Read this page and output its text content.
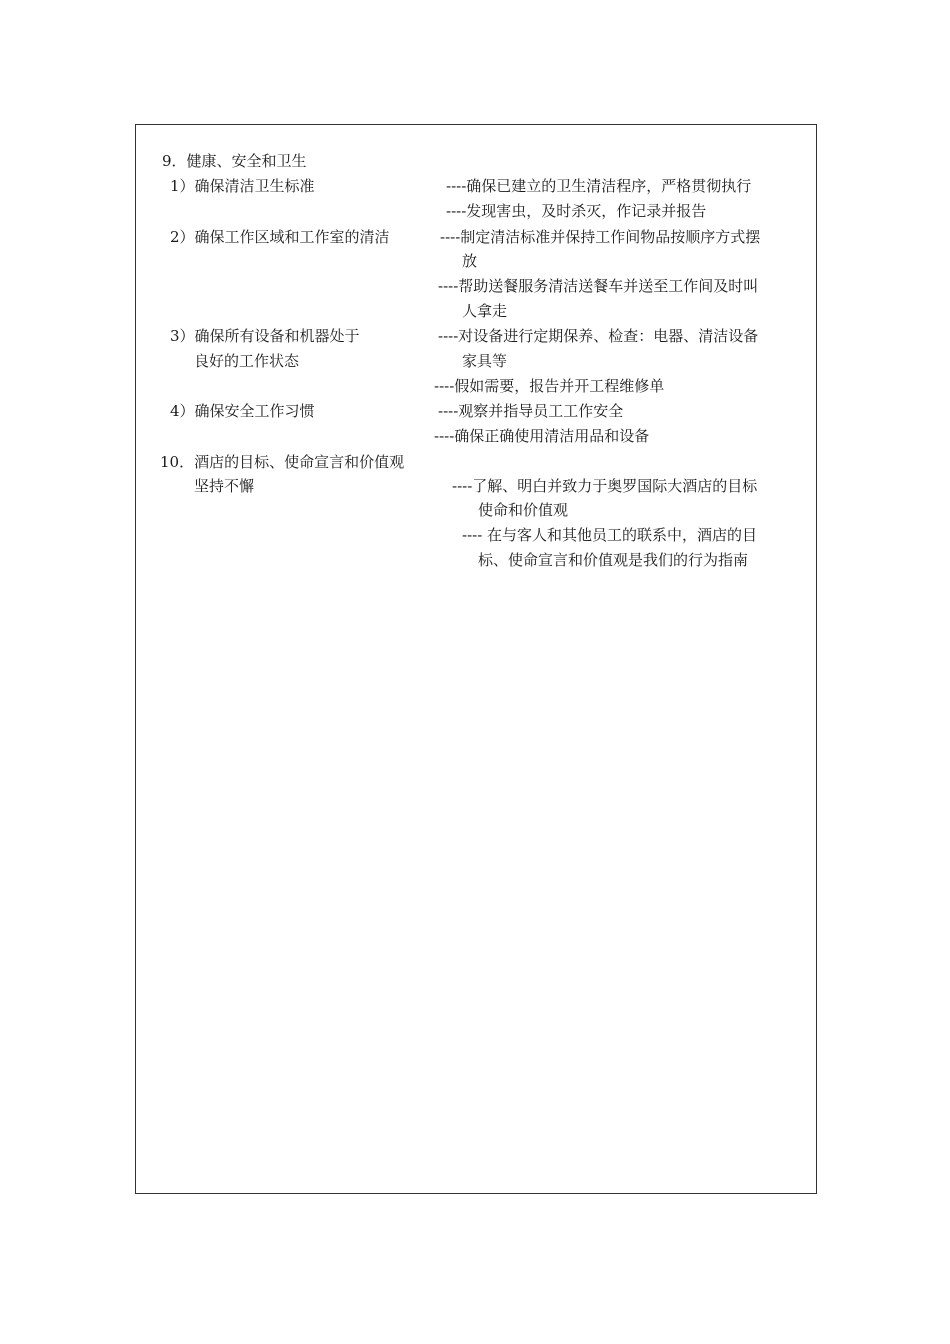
9．健康、安全和卫生
1）确保清洁卫生标准	----确保已建立的卫生清洁程序，严格贯彻执行
----发现害虫，及时杀灭，作记录并报告
2）确保工作区域和工作室的清洁	----制定清洁标准并保持工作间物品按顺序方式摆
放
----帮助送餐服务清洁送餐车并送至工作间及时叫
人拿走
3）确保所有设备和机器处于
良好的工作状态
----对设备进行定期保养、检查：电器、清洁设备
家具等
----假如需要，报告并开工程维修单
4）确保安全工作习惯	----观察并指导员工工作安全
----确保正确使用清洁用品和设备
10．酒店的目标、使命宣言和价值观
坚持不懈	----了解、明白并致力于奥罗国际大酒店的目标
使命和价值观
---- 在与客人和其他员工的联系中，酒店的目
标、使命宣言和价值观是我们的行为指南
